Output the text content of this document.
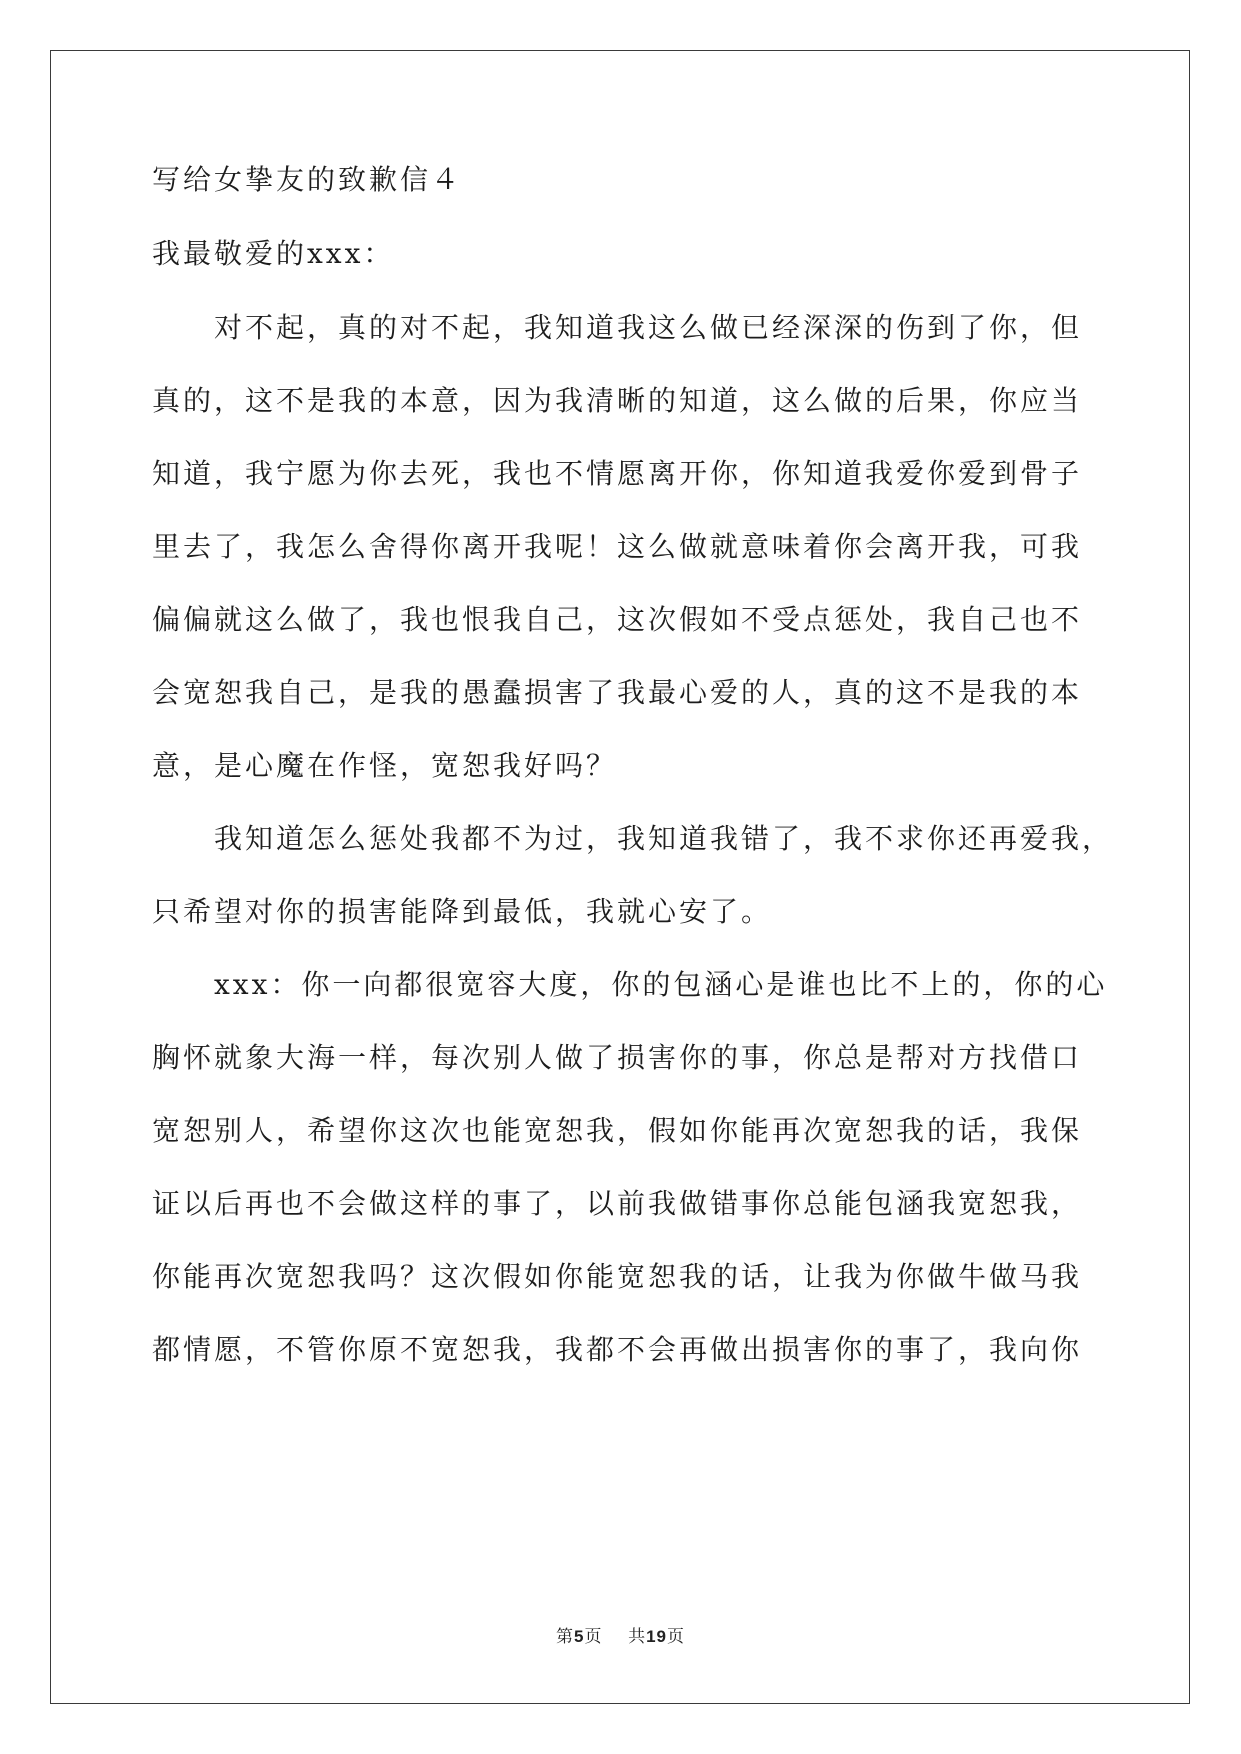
写给女挚友的致歉信４
我最敬爱的xxx：
　　对不起，真的对不起，我知道我这么做已经深深的伤到了你，但
真的，这不是我的本意，因为我清晰的知道，这么做的后果，你应当
知道，我宁愿为你去死，我也不情愿离开你，你知道我爱你爱到骨子
里去了，我怎么舍得你离开我呢！这么做就意味着你会离开我，可我
偏偏就这么做了，我也恨我自己，这次假如不受点惩处，我自己也不
会宽恕我自己，是我的愚蠢损害了我最心爱的人，真的这不是我的本
意，是心魔在作怪，宽恕我好吗？
　　我知道怎么惩处我都不为过，我知道我错了，我不求你还再爱我，
只希望对你的损害能降到最低，我就心安了。
　　xxx：你一向都很宽容大度，你的包涵心是谁也比不上的，你的心
胸怀就象大海一样，每次别人做了损害你的事，你总是帮对方找借口
宽恕别人，希望你这次也能宽恕我，假如你能再次宽恕我的话，我保
证以后再也不会做这样的事了，以前我做错事你总能包涵我宽恕我，
你能再次宽恕我吗？这次假如你能宽恕我的话，让我为你做牛做马我
都情愿，不管你原不宽恕我，我都不会再做出损害你的事了，我向你
第5页 共19页
